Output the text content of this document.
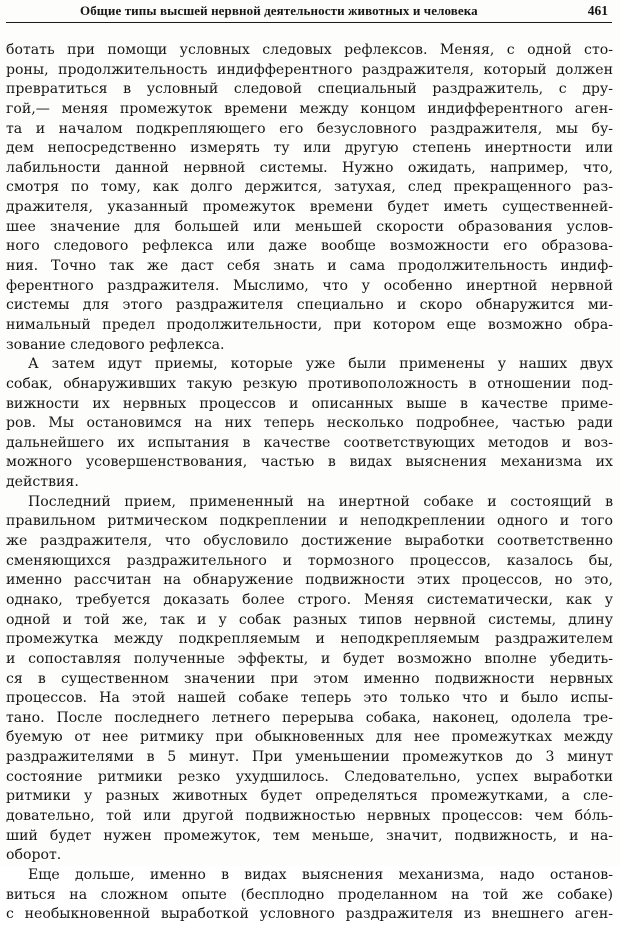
Общие типы высшей нервной деятельности животных и человека	461
ботать при помощи условных следовых рефлексов. Меняя, с одной сто-
роны, продолжительность индифферентного раздражителя, который должен
превратиться в условный следовой специальный раздражитель, с дру-
гой,— меняя промежуток времени между концом индифферентного аген-
та и началом подкрепляющего его безусловного раздражителя, мы бу-
дем непосредственно измерять ту или другую степень инертности или
лабильности данной нервной системы. Нужно ожидать, например, что,
смотря по тому, как долго держится, затухая, след прекращенного раз-
дражителя, указанный промежуток времени будет иметь существенней-
шее значение для большей или меньшей скорости образования услов-
ного следового рефлекса или даже вообще возможности его образова-
ния. Точно так же даст себя знать и сама продолжительность индиф-
ферентного раздражителя. Мыслимо, что у особенно инертной нервной
системы для этого раздражителя специально и скоро обнаружится ми-
нимальный предел продолжительности, при котором еще возможно обра-
зование следового рефлекса.
А затем идут приемы, которые уже были применены у наших двух
собак, обнаруживших такую резкую противоположность в отношении под-
вижности их нервных процессов и описанных выше в качестве приме-
ров. Мы остановимся на них теперь несколько подробнее, частью ради
дальнейшего их испытания в качестве соответствующих методов и воз-
можного усовершенствования, частью в видах выяснения механизма их
действия.
Последний прием, примененный на инертной собаке и состоящий в
правильном ритмическом подкреплении и неподкреплении одного и того
же раздражителя, что обусловило достижение выработки соответственно
сменяющихся раздражительного и тормозного процессов, казалось бы,
именно рассчитан на обнаружение подвижности этих процессов, но это,
однако, требуется доказать более строго. Меняя систематически, как у
одной и той же, так и у собак разных типов нервной системы, длину
промежутка между подкрепляемым и неподкрепляемым раздражителем
и сопоставляя полученные эффекты, и будет возможно вполне убедить-
ся в существенном значении при этом именно подвижности нервных
процессов. На этой нашей собаке теперь это только что и было испы-
тано. После последнего летнего перерыва собака, наконец, одолела тре-
буемую от нее ритмику при обыкновенных для нее промежутках между
раздражителями в 5 минут. При уменьшении промежутков до 3 минут
состояние ритмики резко ухудшилось. Следовательно, успех выработки
ритмики у разных животных будет определяться промежутками, а сле-
довательно, той или другой подвижностью нервных процессов: чем бо́ль-
ший будет нужен промежуток, тем меньше, значит, подвижность, и на-
оборот.
Еще дольше, именно в видах выяснения механизма, надо останов-
виться на сложном опыте (бесплодно проделанном на той же собаке)
с необыкновенной выработкой условного раздражителя из внешнего аген-
